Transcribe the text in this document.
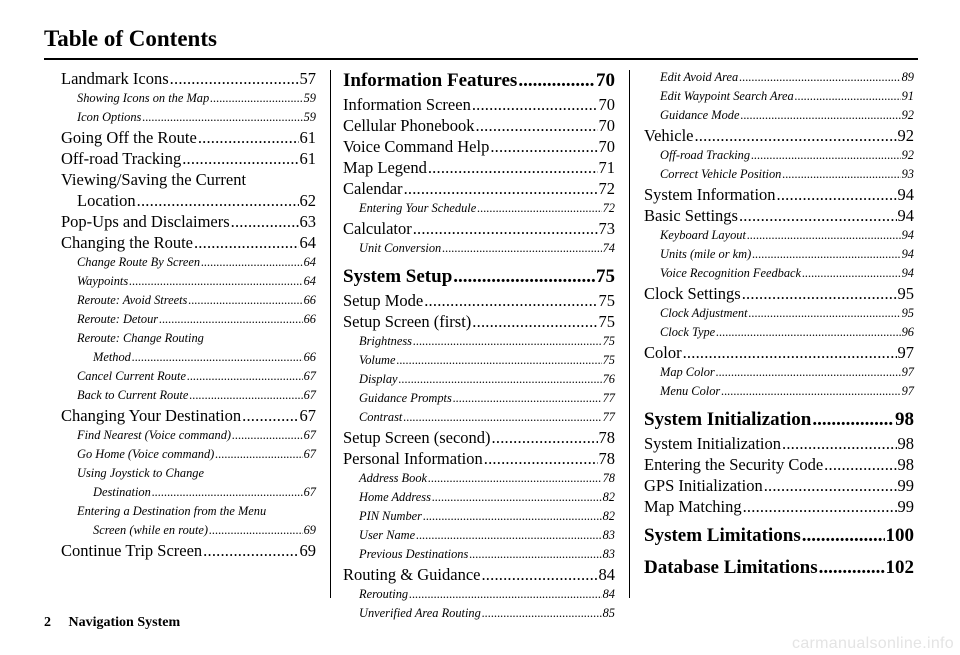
Table of Contents
Landmark Icons .....	57
Showing Icons on the Map .....	59
Icon Options .....	59
Going Off the Route .....	61
Off-road Tracking .....	61
Viewing/Saving the Current
Location .....	62
Pop-Ups and Disclaimers .....	63
Changing the Route .....	64
Change Route By Screen .....	64
Waypoints .....	64
Reroute: Avoid Streets .....	66
Reroute: Detour .....	66
Reroute: Change Routing
Method .....	66
Cancel Current Route .....	67
Back to Current Route .....	67
Changing Your Destination .....	67
Find Nearest (Voice command) .....	67
Go Home (Voice command) .....	67
Using Joystick to Change
Destination .....	67
Entering a Destination from the Menu
Screen (while en route) .....	69
Continue Trip Screen .....	69
Information Features .....	70
Information Screen .....	70
Cellular Phonebook .....	70
Voice Command Help .....	70
Map Legend .....	71
Calendar .....	72
Entering Your Schedule .....	72
Calculator .....	73
Unit Conversion .....	74
System Setup .....	75
Setup Mode .....	75
Setup Screen (first) .....	75
Brightness .....	75
Volume .....	75
Display .....	76
Guidance Prompts .....	77
Contrast .....	77
Setup Screen (second) .....	78
Personal Information .....	78
Address Book .....	78
Home Address .....	82
PIN Number .....	82
User Name .....	83
Previous Destinations .....	83
Routing & Guidance .....	84
Rerouting .....	84
Unverified Area Routing .....	85
Edit Avoid Area .....	89
Edit Waypoint Search Area .....	91
Guidance Mode .....	92
Vehicle .....	92
Off-road Tracking .....	92
Correct Vehicle Position .....	93
System Information .....	94
Basic Settings .....	94
Keyboard Layout .....	94
Units (mile or km) .....	94
Voice Recognition Feedback .....	94
Clock Settings .....	95
Clock Adjustment .....	95
Clock Type .....	96
Color .....	97
Map Color .....	97
Menu Color .....	97
System Initialization .....	98
System Initialization .....	98
Entering the Security Code .....	98
GPS Initialization .....	99
Map Matching .....	99
System Limitations .....	100
Database Limitations .....	102
2 Navigation System
carmanualsonline.info
